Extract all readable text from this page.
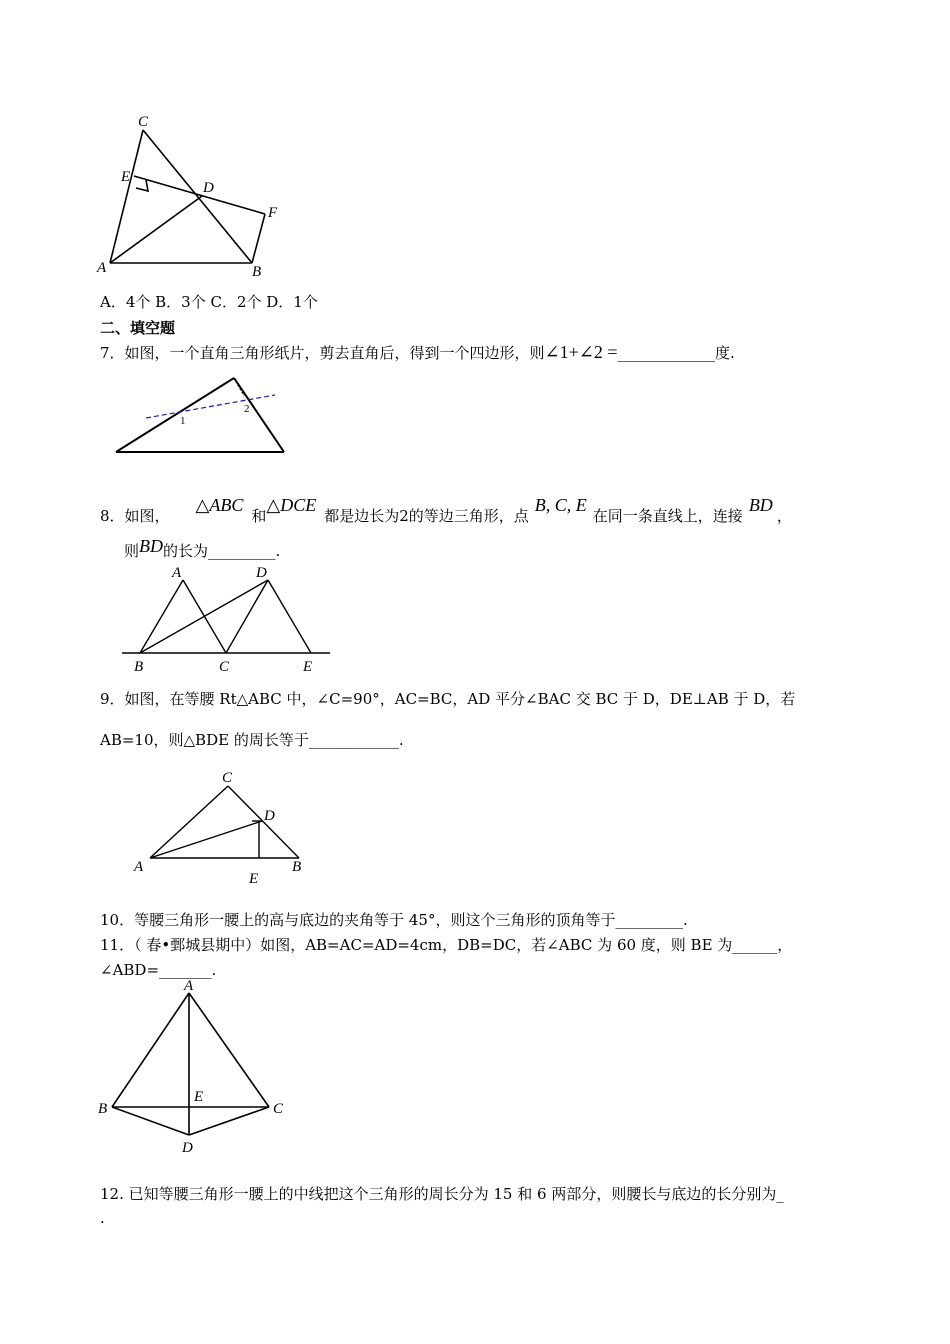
C
E
D
F
A	B
A．4个 B．3个 C．2个 D．1个
二、填空题
7．如图，一个直角三角形纸片，剪去直角后，得到一个四边形，则∠1+∠2 =_____________度.
1
2
8．如图，△ABC和△DCE都是边长为2的等边三角形，点B, C, E在同一条直线上，连接BD，
则BD的长为_________.
A	D
B	C	E
9．如图，在等腰 Rt△ABC 中，∠C=90°，AC=BC，AD 平分∠BAC 交 BC 于 D，DE⊥AB 于 D，若
AB=10，则△BDE 的周长等于____________.
C
D
A
E
B
10．等腰三角形一腰上的高与底边的夹角等于 45°，则这个三角形的顶角等于_________.
11．（ 春•鄄城县期中）如图，AB=AC=AD=4cm，DB=DC，若∠ABC 为 60 度，则 BE 为______，
∠ABD=_______.
A
B
E
C
D
12. 已知等腰三角形一腰上的中线把这个三角形的周长分为 15 和 6 两部分，则腰长与底边的长分别为_
.
